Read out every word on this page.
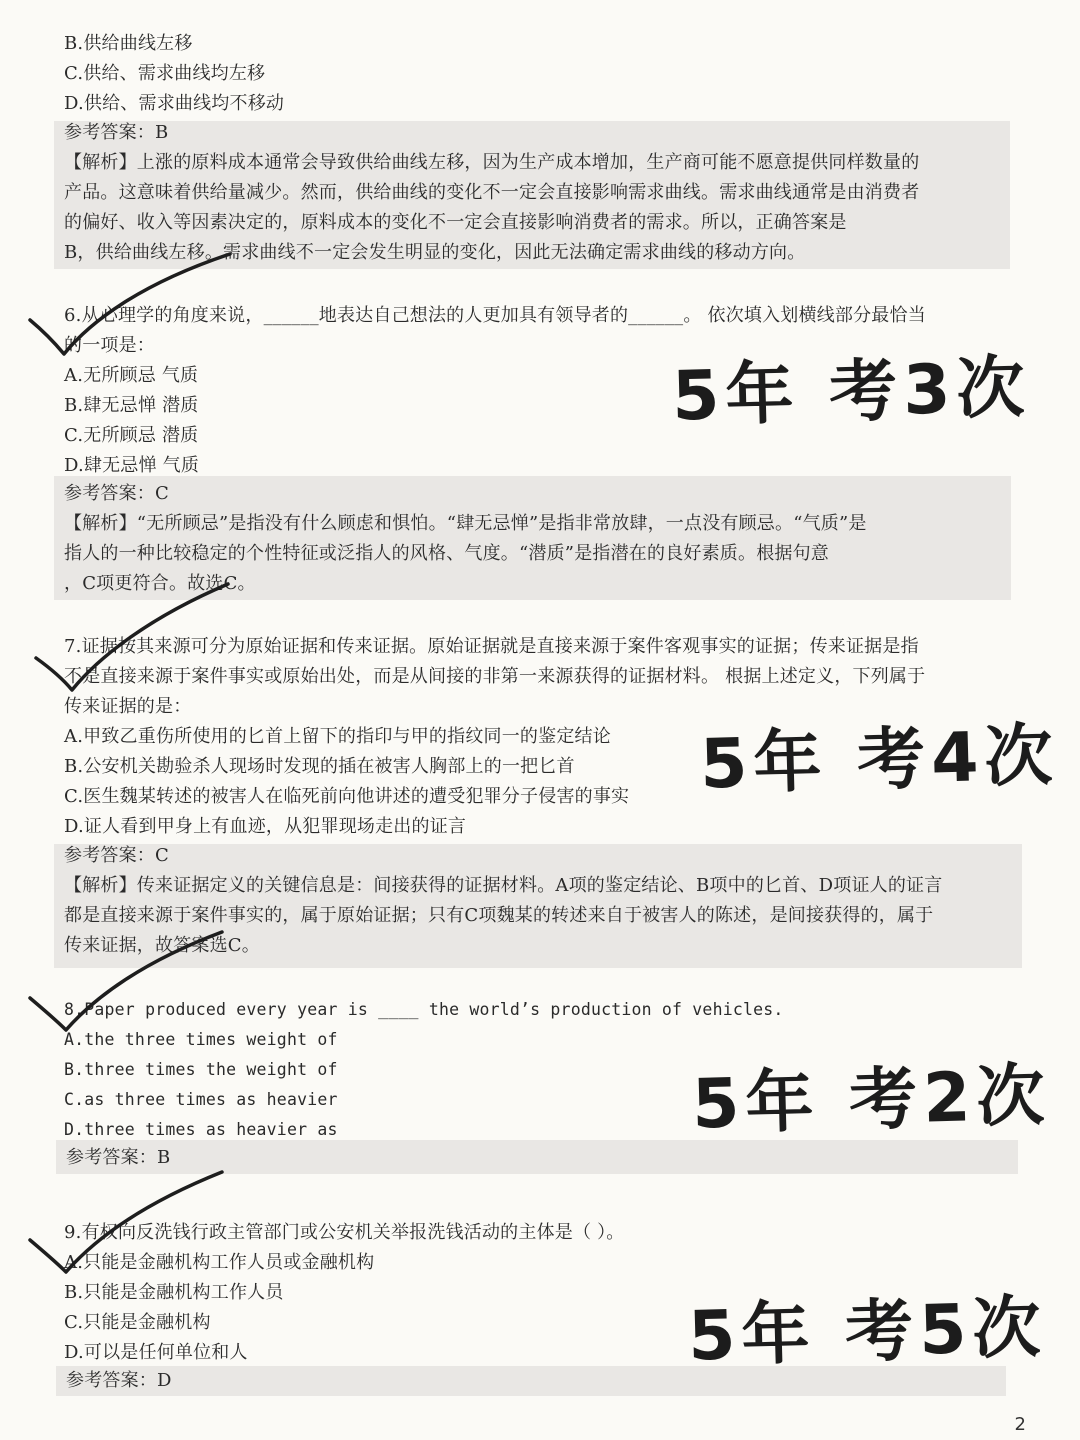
B.供给曲线左移
C.供给、需求曲线均左移
D.供给、需求曲线均不移动
参考答案：B
【解析】上涨的原料成本通常会导致供给曲线左移，因为生产成本增加，生产商可能不愿意提供同样数量的
产品。这意味着供给量减少。然而，供给曲线的变化不一定会直接影响需求曲线。需求曲线通常是由消费者
的偏好、收入等因素决定的，原料成本的变化不一定会直接影响消费者的需求。所以，正确答案是
B，供给曲线左移。需求曲线不一定会发生明显的变化，因此无法确定需求曲线的移动方向。
6.从心理学的角度来说，______地表达自己想法的人更加具有领导者的______。 依次填入划横线部分最恰当
的一项是：
A.无所顾忌 气质
B.肆无忌惮 潜质
C.无所顾忌 潜质
D.肆无忌惮 气质
参考答案：C
【解析】“无所顾忌”是指没有什么顾虑和惧怕。“肆无忌惮”是指非常放肆，一点没有顾忌。“气质”是
指人的一种比较稳定的个性特征或泛指人的风格、气度。“潜质”是指潜在的良好素质。根据句意
，C项更符合。故选C。
5年 考3次
7.证据按其来源可分为原始证据和传来证据。原始证据就是直接来源于案件客观事实的证据；传来证据是指
不是直接来源于案件事实或原始出处，而是从间接的非第一来源获得的证据材料。 根据上述定义，下列属于
传来证据的是：
A.甲致乙重伤所使用的匕首上留下的指印与甲的指纹同一的鉴定结论
B.公安机关勘验杀人现场时发现的插在被害人胸部上的一把匕首
C.医生魏某转述的被害人在临死前向他讲述的遭受犯罪分子侵害的事实
D.证人看到甲身上有血迹，从犯罪现场走出的证言
参考答案：C
【解析】传来证据定义的关键信息是：间接获得的证据材料。A项的鉴定结论、B项中的匕首、D项证人的证言
都是直接来源于案件事实的，属于原始证据；只有C项魏某的转述来自于被害人的陈述，是间接获得的，属于
传来证据，故答案选C。
5年 考4次
8.Paper produced every year is ____ the world’s production of vehicles.
A.the three times weight of
B.three times the weight of
C.as three times as heavier
D.three times as heavier as
参考答案：B
5年 考2次
9.有权向反洗钱行政主管部门或公安机关举报洗钱活动的主体是（ ）。
A.只能是金融机构工作人员或金融机构
B.只能是金融机构工作人员
C.只能是金融机构
D.可以是任何单位和人
参考答案：D
5年 考5次
2
